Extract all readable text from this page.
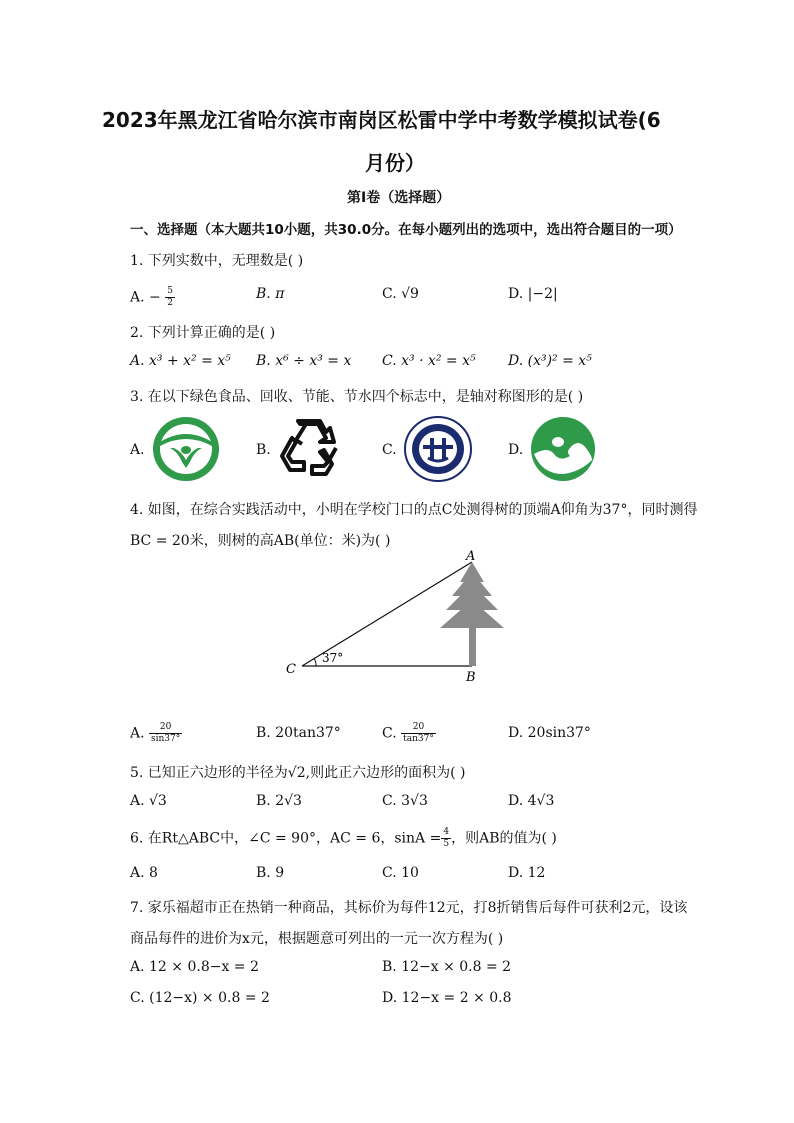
2023年黑龙江省哈尔滨市南岗区松雷中学中考数学模拟试卷(6
月份）
第I卷（选择题）
一、选择题（本大题共10小题，共30.0分。在每小题列出的选项中，选出符合题目的一项）
1. 下列实数中，无理数是( )
A. − $\frac{5}{2}$	B. π	C. √9	D. |−2|
2. 下列计算正确的是( )
A. x³ + x² = x⁵ B. x⁶ ÷ x³ = x C. x³ · x² = x⁵ D. (x³)² = x⁵
3. 在以下绿色食品、回收、节能、节水四个标志中，是轴对称图形的是( )
A.	B.	C.	D.
4. 如图，在综合实践活动中，小明在学校门口的点C处测得树的顶端A仰角为37°，同时测得
BC = 20米，则树的高AB(单位：米)为( )
A
B
C
37°
A. $\frac{20}{\sin 37^\circ}$	B. 20tan37°	C. $\frac{20}{\tan 37^\circ}$	D. 20sin37°
5. 已知正六边形的半径为√2,则此正六边形的面积为( )
A. √3	B. 2√3	C. 3√3	D. 4√3
6. 在Rt△ABC中，∠C = 90°，AC = 6，$\sin A = \frac{4}{5}$ ，则AB的值为( )
A. 8	B. 9	C. 10	D. 12
7. 家乐福超市正在热销一种商品，其标价为每件12元，打8折销售后每件可获利2元，设该
商品每件的进价为x元，根据题意可列出的一元一次方程为( )
A. 12 × 0.8−x = 2	B. 12−x × 0.8 = 2
C. (12−x) × 0.8 = 2	D. 12−x = 2 × 0.8
